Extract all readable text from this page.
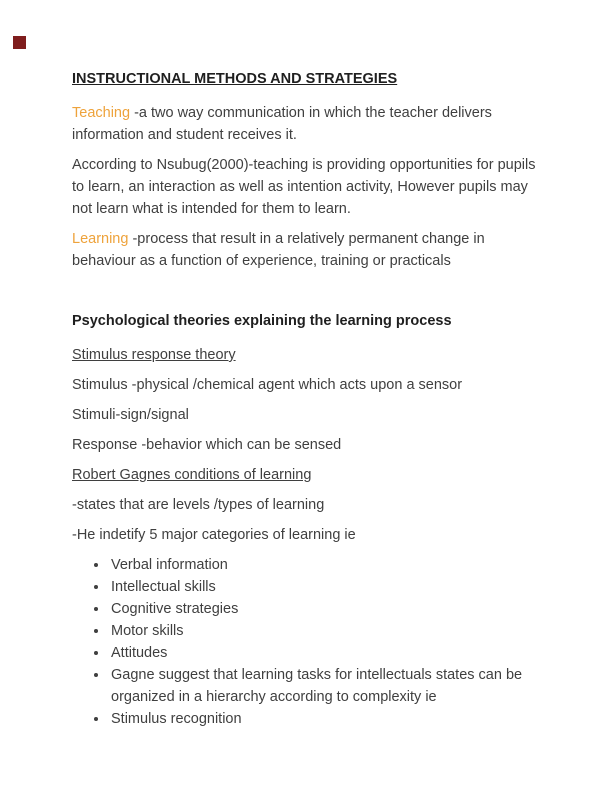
INSTRUCTIONAL METHODS AND STRATEGIES

Teaching -a two way communication in which the teacher delivers information and student receives it.

According to Nsubug(2000)-teaching is providing opportunities for pupils to learn, an interaction as well as intention activity, However pupils may not learn what is intended for them to learn.

Learning -process that result in a relatively permanent change in behaviour as a function of experience, training or practicals

Psychological theories explaining the learning process

Stimulus response theory

Stimulus -physical /chemical agent which acts upon a sensor

Stimuli-sign/signal

Response -behavior which can be sensed

Robert Gagnes conditions of learning

-states that are levels /types of learning

-He indetify 5 major categories of learning ie

• Verbal information
• Intellectual skills
• Cognitive strategies
• Motor skills
• Attitudes
• Gagne suggest that learning tasks for intellectuals states can be organized in a hierarchy according to complexity ie
• Stimulus recognition
